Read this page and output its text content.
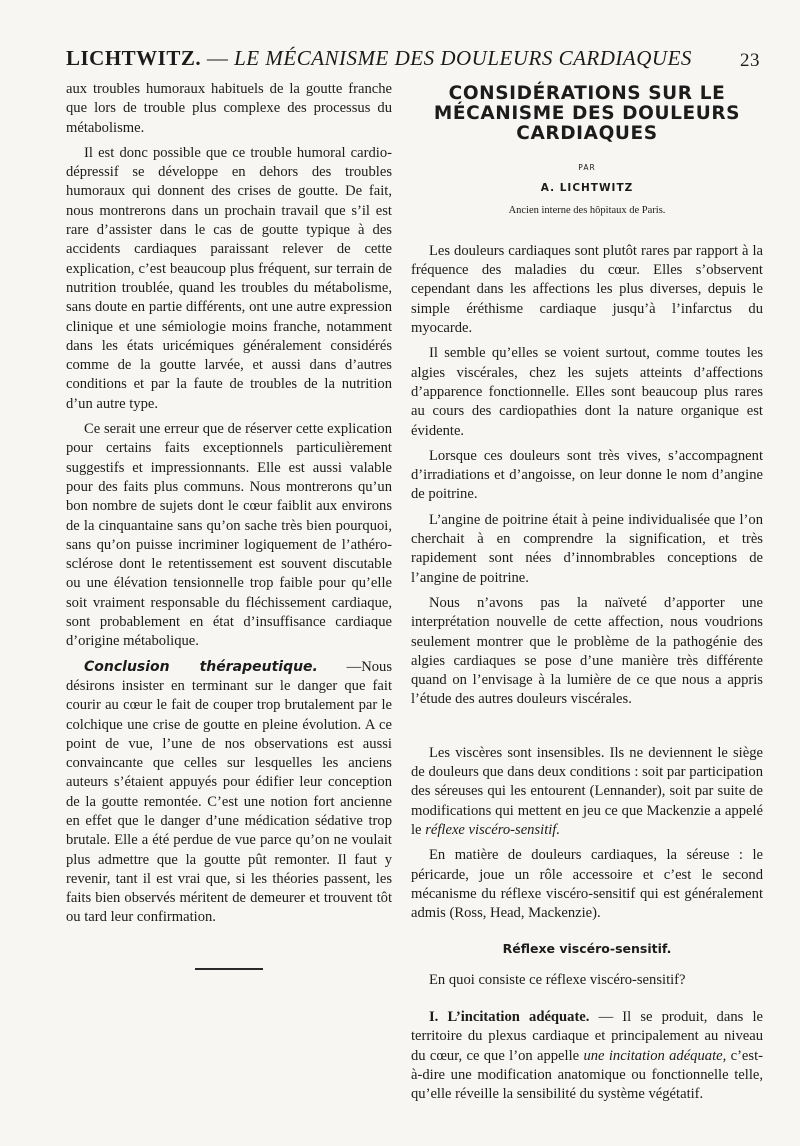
LICHTWITZ. — LE MÉCANISME DES DOULEURS CARDIAQUES	23

aux troubles humoraux habituels de la goutte franche que lors de trouble plus complexe des processus du métabolisme.

Il est donc possible que ce trouble humoral cardio-dépressif se développe en dehors des troubles humoraux qui donnent des crises de goutte. De fait, nous montrerons dans un prochain travail que s’il est rare d’assister dans le cas de goutte typique à des accidents cardiaques paraissant relever de cette explication, c’est beaucoup plus fréquent, sur terrain de nutrition troublée, quand les troubles du métabolisme, sans doute en partie différents, ont une autre expression clinique et une sémiologie moins franche, notamment dans les états uricémiques généralement considérés comme de la goutte larvée, et aussi dans d’autres conditions et par la faute de troubles de la nutrition d’un autre type.

Ce serait une erreur que de réserver cette explication pour certains faits exceptionnels particulièrement suggestifs et impressionnants. Elle est aussi valable pour des faits plus communs. Nous montrerons qu’un bon nombre de sujets dont le cœur faiblit aux environs de la cinquantaine sans qu’on sache très bien pourquoi, sans qu’on puisse incriminer logiquement de l’athéro-sclérose dont le retentissement est souvent discutable ou une élévation tensionnelle trop faible pour qu’elle soit vraiment responsable du fléchissement cardiaque, sont probablement en état d’insuffisance cardiaque d’origine métabolique.

Conclusion thérapeutique. —Nous désirons insister en terminant sur le danger que fait courir au cœur le fait de couper trop brutalement par le colchique une crise de goutte en pleine évolution. A ce point de vue, l’une de nos observations est aussi convaincante que celles sur lesquelles les anciens auteurs s’étaient appuyés pour édifier leur conception de la goutte remontée. C’est une notion fort ancienne en effet que le danger d’une médication sédative trop brutale. Elle a été perdue de vue parce qu’on ne voulait plus admettre que la goutte pût remonter. Il faut y revenir, tant il est vrai que, si les théories passent, les faits bien observés méritent de demeurer et trouvent tôt ou tard leur confirmation.

CONSIDÉRATIONS SUR LE
MÉCANISME DES DOULEURS
CARDIAQUES
PAR
A. LICHTWITZ
Ancien interne des hôpitaux de Paris.

Les douleurs cardiaques sont plutôt rares par rapport à la fréquence des maladies du cœur. Elles s’observent cependant dans les affections les plus diverses, depuis le simple éréthisme cardiaque jusqu’à l’infarctus du myocarde.

Il semble qu’elles se voient surtout, comme toutes les algies viscérales, chez les sujets atteints d’affections d’apparence fonctionnelle. Elles sont beaucoup plus rares au cours des cardiopathies dont la nature organique est évidente.

Lorsque ces douleurs sont très vives, s’accompagnent d’irradiations et d’angoisse, on leur donne le nom d’angine de poitrine.

L’angine de poitrine était à peine individualisée que l’on cherchait à en comprendre la signification, et très rapidement sont nées d’innombrables conceptions de l’angine de poitrine.

Nous n’avons pas la naïveté d’apporter une interprétation nouvelle de cette affection, nous voudrions seulement montrer que le problème de la pathogénie des algies cardiaques se pose d’une manière très différente quand on l’envisage à la lumière de ce que nous a appris l’étude des autres douleurs viscérales.

Les viscères sont insensibles. Ils ne deviennent le siège de douleurs que dans deux conditions : soit par participation des séreuses qui les entourent (Lennander), soit par suite de modifications qui mettent en jeu ce que Mackenzie a appelé le réflexe viscéro-sensitif.

En matière de douleurs cardiaques, la séreuse : le péricarde, joue un rôle accessoire et c’est le second mécanisme du réflexe viscéro-sensitif qui est généralement admis (Ross, Head, Mackenzie).

Réflexe viscéro-sensitif.

En quoi consiste ce réflexe viscéro-sensitif?

I. L’incitation adéquate. — Il se produit, dans le territoire du plexus cardiaque et principalement au niveau du cœur, ce que l’on appelle une incitation adéquate, c’est-à-dire une modification anatomique ou fonctionnelle telle, qu’elle réveille la sensibilité du système végétatif.
